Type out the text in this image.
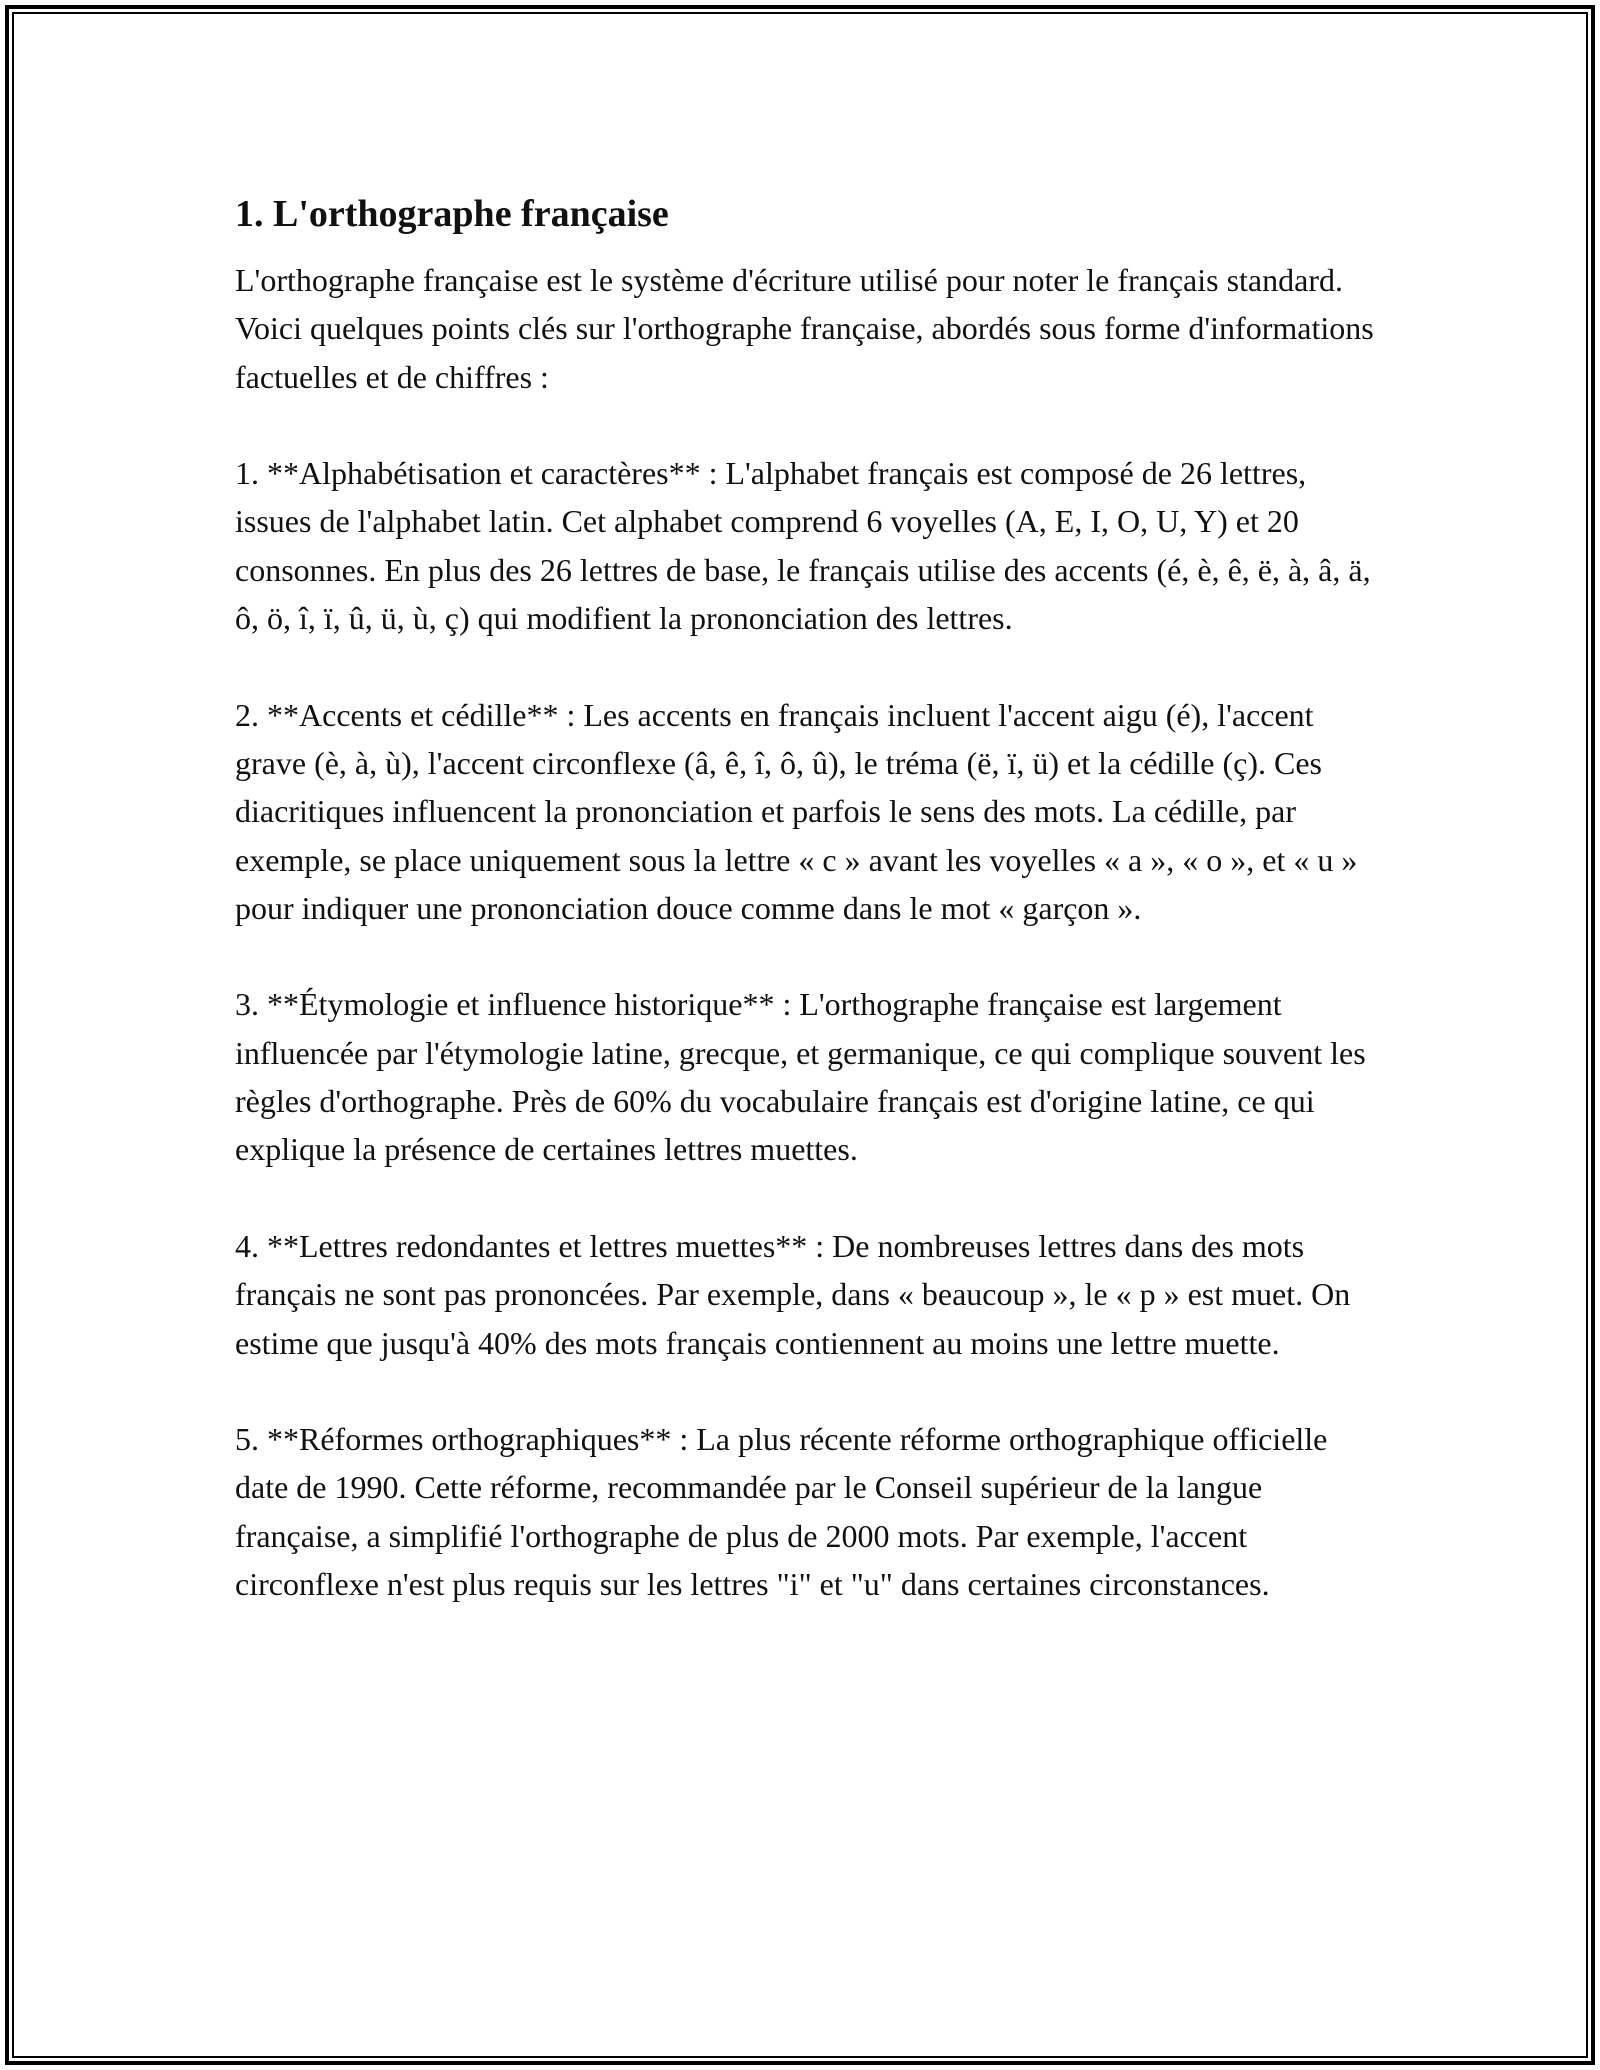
1. L'orthographe française

L'orthographe française est le système d'écriture utilisé pour noter le français standard. Voici quelques points clés sur l'orthographe française, abordés sous forme d'informations factuelles et de chiffres :

1. **Alphabétisation et caractères** : L'alphabet français est composé de 26 lettres, issues de l'alphabet latin. Cet alphabet comprend 6 voyelles (A, E, I, O, U, Y) et 20 consonnes. En plus des 26 lettres de base, le français utilise des accents (é, è, ê, ë, à, â, ä, ô, ö, î, ï, û, ü, ù, ç) qui modifient la prononciation des lettres.

2. **Accents et cédille** : Les accents en français incluent l'accent aigu (é), l'accent grave (è, à, ù), l'accent circonflexe (â, ê, î, ô, û), le tréma (ë, ï, ü) et la cédille (ç). Ces diacritiques influencent la prononciation et parfois le sens des mots. La cédille, par exemple, se place uniquement sous la lettre « c » avant les voyelles « a », « o », et « u » pour indiquer une prononciation douce comme dans le mot « garçon ».

3. **Étymologie et influence historique** : L'orthographe française est largement influencée par l'étymologie latine, grecque, et germanique, ce qui complique souvent les règles d'orthographe. Près de 60% du vocabulaire français est d'origine latine, ce qui explique la présence de certaines lettres muettes.

4. **Lettres redondantes et lettres muettes** : De nombreuses lettres dans des mots français ne sont pas prononcées. Par exemple, dans « beaucoup », le « p » est muet. On estime que jusqu'à 40% des mots français contiennent au moins une lettre muette.

5. **Réformes orthographiques** : La plus récente réforme orthographique officielle date de 1990. Cette réforme, recommandée par le Conseil supérieur de la langue française, a simplifié l'orthographe de plus de 2000 mots. Par exemple, l'accent circonflexe n'est plus requis sur les lettres "i" et "u" dans certaines circonstances.
